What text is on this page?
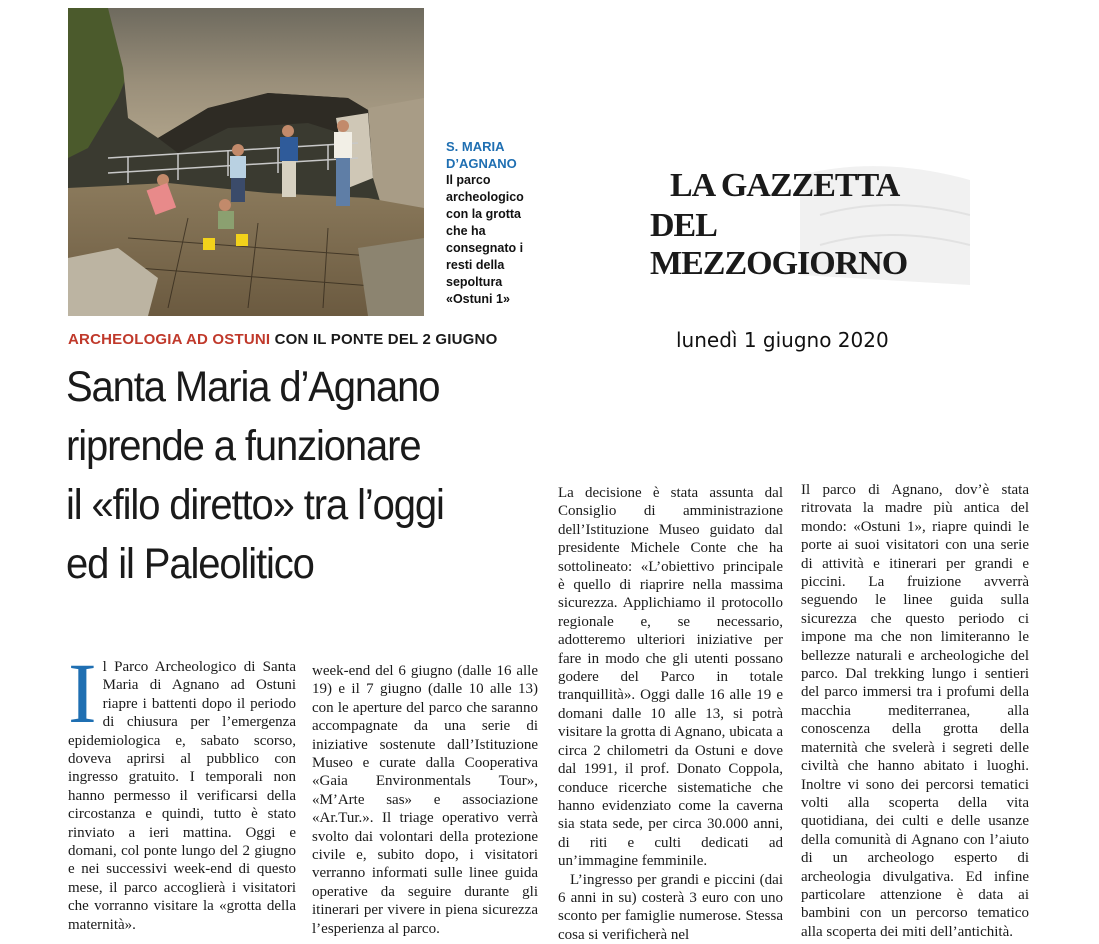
S. MARIA D’AGNANO
Il parco archeologico con la grotta che ha consegnato i resti della sepoltura «Ostuni 1»
LA GAZZETTA
DEL MEZZOGIORNO
lunedì 1 giugno 2020
ARCHEOLOGIA AD OSTUNI CON IL PONTE DEL 2 GIUGNO
Santa Maria d’Agnano
riprende a funzionare
il «filo diretto» tra l’oggi
ed il Paleolitico

Il Parco Archeologico di Santa Maria di Agnano ad Ostuni riapre i battenti dopo il periodo di chiusura per l’emergenza epidemiologica e, sabato scorso, doveva aprirsi al pubblico con ingresso gratuito. I temporali non hanno permesso il verificarsi della circostanza e quindi, tutto è stato rinviato a ieri mattina. Oggi e domani, col ponte lungo del 2 giugno e nei successivi week-end di questo mese, il parco accoglierà i visitatori che vorranno visitare la «grotta della maternità».

week-end del 6 giugno (dalle 16 alle 19) e il 7 giugno (dalle 10 alle 13) con le aperture del parco che saranno accompagnate da una serie di iniziative sostenute dall’Istituzione Museo e curate dalla Cooperativa «Gaia Environmentals Tour», «M’Arte sas» e associazione «Ar.Tur.». Il triage operativo verrà svolto dai volontari della protezione civile e, subito dopo, i visitatori verranno informati sulle linee guida operative da seguire durante gli itinerari per vivere in piena sicurezza l’esperienza al parco.

La decisione è stata assunta dal Consiglio di amministrazione dell’Istituzione Museo guidato dal presidente Michele Conte che ha sottolineato: «L’obiettivo principale è quello di riaprire nella massima sicurezza. Applichiamo il protocollo regionale e, se necessario, adotteremo ulteriori iniziative per fare in modo che gli utenti possano godere del Parco in totale tranquillità». Oggi dalle 16 alle 19 e domani dalle 10 alle 13, si potrà visitare la grotta di Agnano, ubicata a circa 2 chilometri da Ostuni e dove dal 1991, il prof. Donato Coppola, conduce ricerche sistematiche che hanno evidenziato come la caverna sia stata sede, per circa 30.000 anni, di riti e culti dedicati ad un’immagine femminile.

L’ingresso per grandi e piccini (dai 6 anni in su) costerà 3 euro con uno sconto per famiglie numerose. Stessa cosa si verificherà nel

Il parco di Agnano, dov’è stata ritrovata la madre più antica del mondo: «Ostuni 1», riapre quindi le porte ai suoi visitatori con una serie di attività e itinerari per grandi e piccini. La fruizione avverrà seguendo le linee guida sulla sicurezza che questo periodo ci impone ma che non limiteranno le bellezze naturali e archeologiche del parco. Dal trekking lungo i sentieri del parco immersi tra i profumi della macchia mediterranea, alla conoscenza della grotta della maternità che svelerà i segreti delle civiltà che hanno abitato i luoghi. Inoltre vi sono dei percorsi tematici volti alla scoperta della vita quotidiana, dei culti e delle usanze della comunità di Agnano con l’aiuto di un archeologo esperto di archeologia divulgativa. Ed infine particolare attenzione è data ai bambini con un percorso tematico alla scoperta dei miti dell’antichità.
